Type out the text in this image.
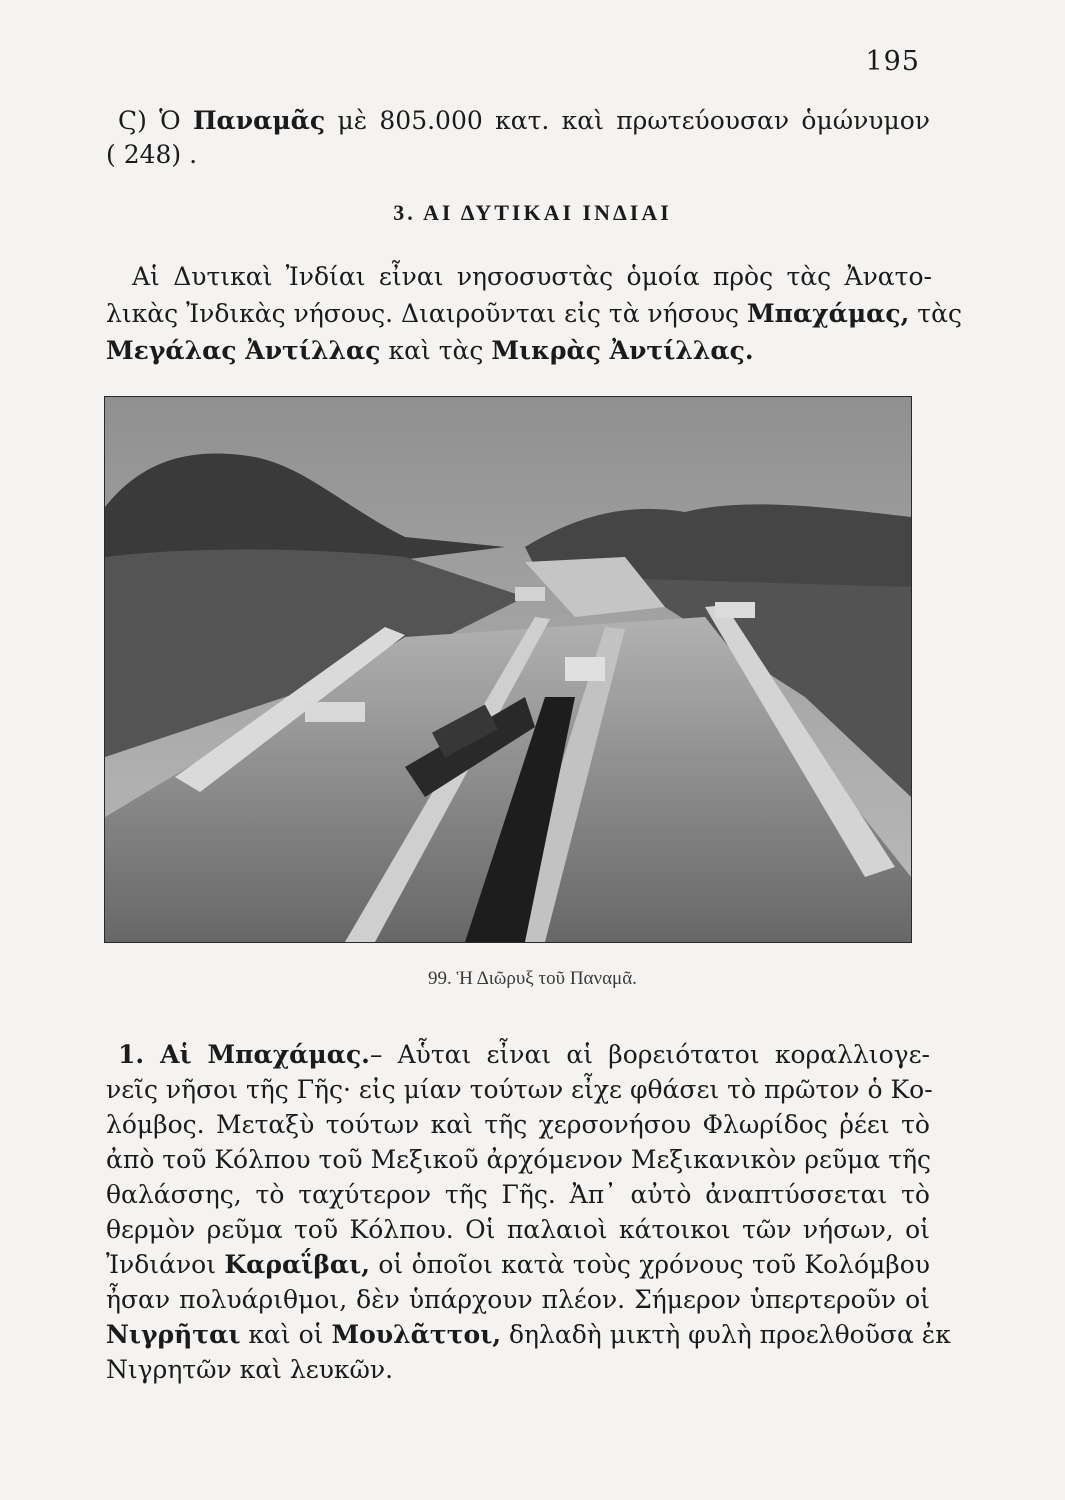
195
Ϛ) Ὁ Παναμᾶς μὲ 805.000 κατ. καὶ πρωτεύουσαν ὁμώνυμον
( 248) .
3. ΑΙ ΔΥΤΙΚΑΙ ΙΝΔΙΑΙ
Αἱ Δυτικαὶ Ἰνδίαι εἶναι νησοσυστὰς ὁμοία πρὸς τὰς Ἀνατο-
λικὰς Ἰνδικὰς νήσους. Διαιροῦνται εἰς τὰ νήσους Μπαχάμας, τὰς
Μεγάλας Ἀντίλλας καὶ τὰς Μικρὰς Ἀντίλλας.
99. Ἡ Διῶρυξ τοῦ Παναμᾶ.
1. Αἱ Μπαχάμας.– Αὗται εἶναι αἱ βορειότατοι κοραλλιογε-
νεῖς νῆσοι τῆς Γῆς· εἰς μίαν τούτων εἶχε φθάσει τὸ πρῶτον ὁ Κο-
λόμβος. Μεταξὺ τούτων καὶ τῆς χερσονήσου Φλωρίδος ῥέει τὸ
ἀπὸ τοῦ Κόλπου τοῦ Μεξικοῦ ἀρχόμενον Μεξικανικὸν ρεῦμα τῆς
θαλάσσης, τὸ ταχύτερον τῆς Γῆς. Ἀπ᾽ αὐτὸ ἀναπτύσσεται τὸ
θερμὸν ρεῦμα τοῦ Κόλπου. Οἱ παλαιοὶ κάτοικοι τῶν νήσων, οἱ
Ἰνδιάνοι Καραΐβαι, οἱ ὁποῖοι κατὰ τοὺς χρόνους τοῦ Κολόμβου
ἦσαν πολυάριθμοι, δὲν ὑπάρχουν πλέον. Σήμερον ὑπερτεροῦν οἱ
Νιγρῆται καὶ οἱ Μουλᾶττοι, δηλαδὴ μικτὴ φυλὴ προελθοῦσα ἐκ
Νιγρητῶν καὶ λευκῶν.
